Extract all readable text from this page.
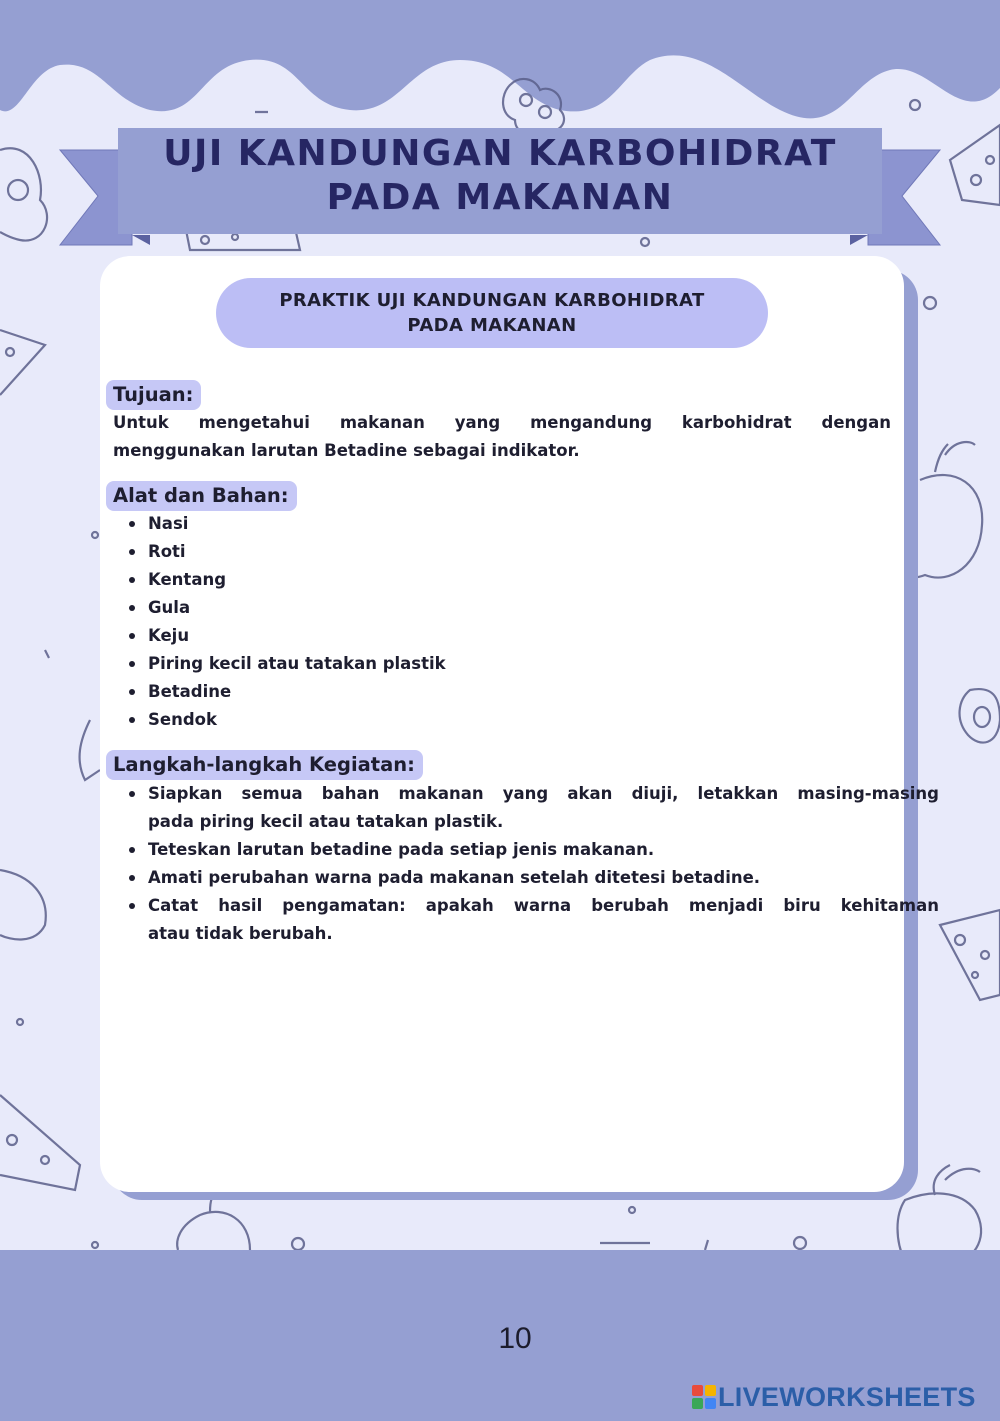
UJI KANDUNGAN KARBOHIDRAT
PADA MAKANAN
PRAKTIK UJI KANDUNGAN KARBOHIDRAT
PADA MAKANAN
Tujuan:
Untuk mengetahui makanan yang mengandung karbohidrat dengan
menggunakan larutan Betadine sebagai indikator.
Alat dan Bahan:
Nasi
Roti
Kentang
Gula
Keju
Piring kecil atau tatakan plastik
Betadine
Sendok
Langkah-langkah Kegiatan:
Siapkan semua bahan makanan yang akan diuji, letakkan masing-masing
pada piring kecil atau tatakan plastik.
Teteskan larutan betadine pada setiap jenis makanan.
Amati perubahan warna pada makanan setelah ditetesi betadine.
Catat hasil pengamatan: apakah warna berubah menjadi biru kehitaman
atau tidak berubah.
10
LIVEWORKSHEETS
